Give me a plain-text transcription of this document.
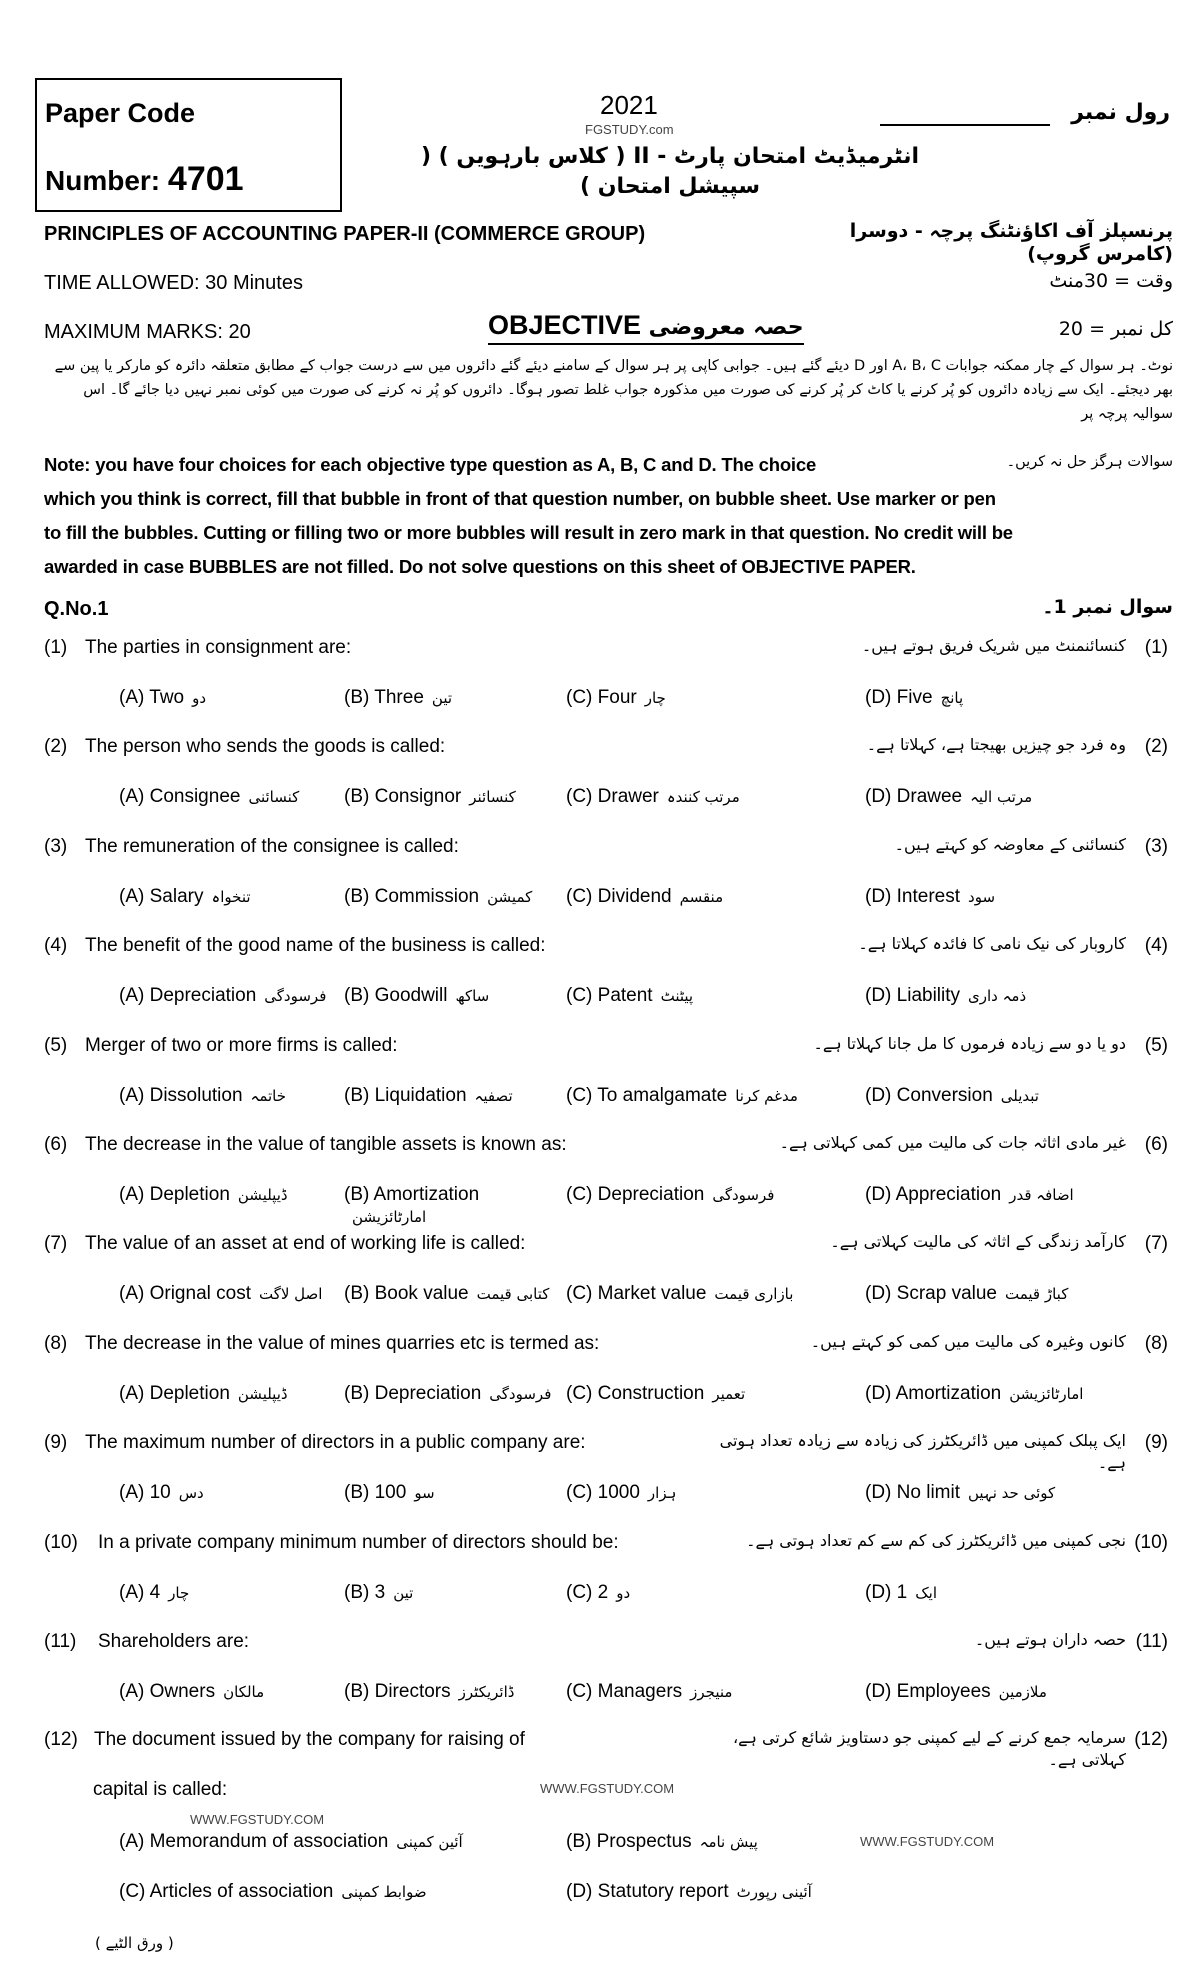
Paper Code
Number: 4701
2021
FGSTUDY.com
انٹرمیڈیٹ امتحان پارٹ - II ( کلاس بارہویں ) ( سپیشل امتحان )
رول نمبر
PRINCIPLES OF ACCOUNTING PAPER-II (COMMERCE GROUP)	پرنسپلز آف اکاؤنٹنگ پرچہ - دوسرا (کامرس گروپ)
TIME ALLOWED: 30 Minutes	وقت = 30منٹ
MAXIMUM MARKS: 20	OBJECTIVE حصہ معروضی	کل نمبر = 20
نوٹ۔ ہر سوال کے چار ممکنہ جوابات A، B، C اور D دیئے گئے ہیں۔ جوابی کاپی پر ہر سوال کے سامنے دیئے گئے دائروں میں سے درست جواب کے مطابق متعلقہ دائرہ کو مارکر یا پین سے بھر دیجئے۔ ایک سے زیادہ دائروں کو پُر کرنے یا کاٹ کر پُر کرنے کی صورت میں مذکورہ جواب غلط تصور ہوگا۔ دائروں کو پُر نہ کرنے کی صورت میں کوئی نمبر نہیں دیا جائے گا۔ اس سوالیہ پرچہ پر
سوالات ہرگز حل نہ کریں۔
Note: you have four choices for each objective type question as A, B, C and D. The choice
which you think is correct, fill that bubble in front of that question number, on bubble sheet. Use marker or pen
to fill the bubbles. Cutting or filling two or more bubbles will result in zero mark in that question. No credit will be
awarded in case BUBBLES are not filled. Do not solve questions on this sheet of OBJECTIVE PAPER.
Q.No.1	سوال نمبر 1۔
(1) The parties in consignment are:	کنسائنمنٹ میں شریک فریق ہوتے ہیں۔ (1)
(A) Two دو	(B) Three تین	(C) Four چار	(D) Five پانچ
(2) The person who sends the goods is called:	وہ فرد جو چیزیں بھیجتا ہے، کہلاتا ہے۔ (2)
(A) Consignee کنسائنی	(B) Consignor کنسائنر	(C) Drawer مرتب کنندہ	(D) Drawee مرتب الیہ
(3) The remuneration of the consignee is called:	کنسائنی کے معاوضہ کو کہتے ہیں۔ (3)
(A) Salary تنخواہ	(B) Commission کمیشن	(C) Dividend منقسم	(D) Interest سود
(4) The benefit of the good name of the business is called:	کاروبار کی نیک نامی کا فائدہ کہلاتا ہے۔ (4)
(A) Depreciation فرسودگی (B) Goodwill ساکھ	(C) Patent پیٹنٹ	(D) Liability ذمہ داری
(5) Merger of two or more firms is called:	دو یا دو سے زیادہ فرموں کا مل جانا کہلاتا ہے۔ (5)
(A) Dissolution خاتمہ	(B) Liquidation تصفیہ	(C) To amalgamate مدغم کرنا	(D) Conversion تبدیلی
(6) The decrease in the value of tangible assets is known as:	غیر مادی اثاثہ جات کی مالیت میں کمی کہلاتی ہے۔ (6)
(A) Depletion ڈیپلیشن	(B) Amortizationامارٹائزیشن
(C) Depreciation فرسودگی	(D) Appreciation اضافہ قدر
(7) The value of an asset at end of working life is called:	کارآمد زندگی کے اثاثہ کی مالیت کہلاتی ہے۔ (7)
(A) Orignal cost اصل لاگت	(B) Book value کتابی قیمت (C) Market value بازاری قیمت	(D) Scrap value کباڑ قیمت
(8) The decrease in the value of mines quarries etc is termed as:	کانوں وغیرہ کی مالیت میں کمی کو کہتے ہیں۔ (8)
(A) Depletion ڈیپلیشن	(B) Depreciation فرسودگی (C) Construction تعمیر	(D) Amortization امارٹائزیشن
(9) The maximum number of directors in a public company are:	ایک پبلک کمپنی میں ڈائریکٹرز کی زیادہ سے زیادہ تعداد ہوتی ہے۔
(9)
(A) 10 دس	(B) 100 سو	(C) 1000 ہزار	(D) No limit کوئی حد نہیں
(10) In a private company minimum number of directors should be:	نجی کمپنی میں ڈائریکٹرز کی کم سے کم تعداد ہوتی ہے۔ (10)
(A) 4 چار	(B) 3 تین	(C) 2 دو	(D) 1 ایک
(11) Shareholders are:	حصہ داران ہوتے ہیں۔ (11)
(A) Owners مالکان	(B) Directors ڈائریکٹرز	(C) Managers منیجرز	(D) Employees ملازمین
(12) The document issued by the company for raising of
capital is called:
سرمایہ جمع کرنے کے لیے کمپنی جو دستاویز شائع کرتی ہے، کہلاتی ہے۔
(12)
(A) Memorandum of association آئین کمپنی	(B) Prospectus پیش نامہ
(C) Articles of association ضوابط کمپنی	(D) Statutory report آئینی رپورٹ
WWW.FGSTUDY.COM
WWW.FGSTUDY.COM
WWW.FGSTUDY.COM
( ورق الٹیے )
